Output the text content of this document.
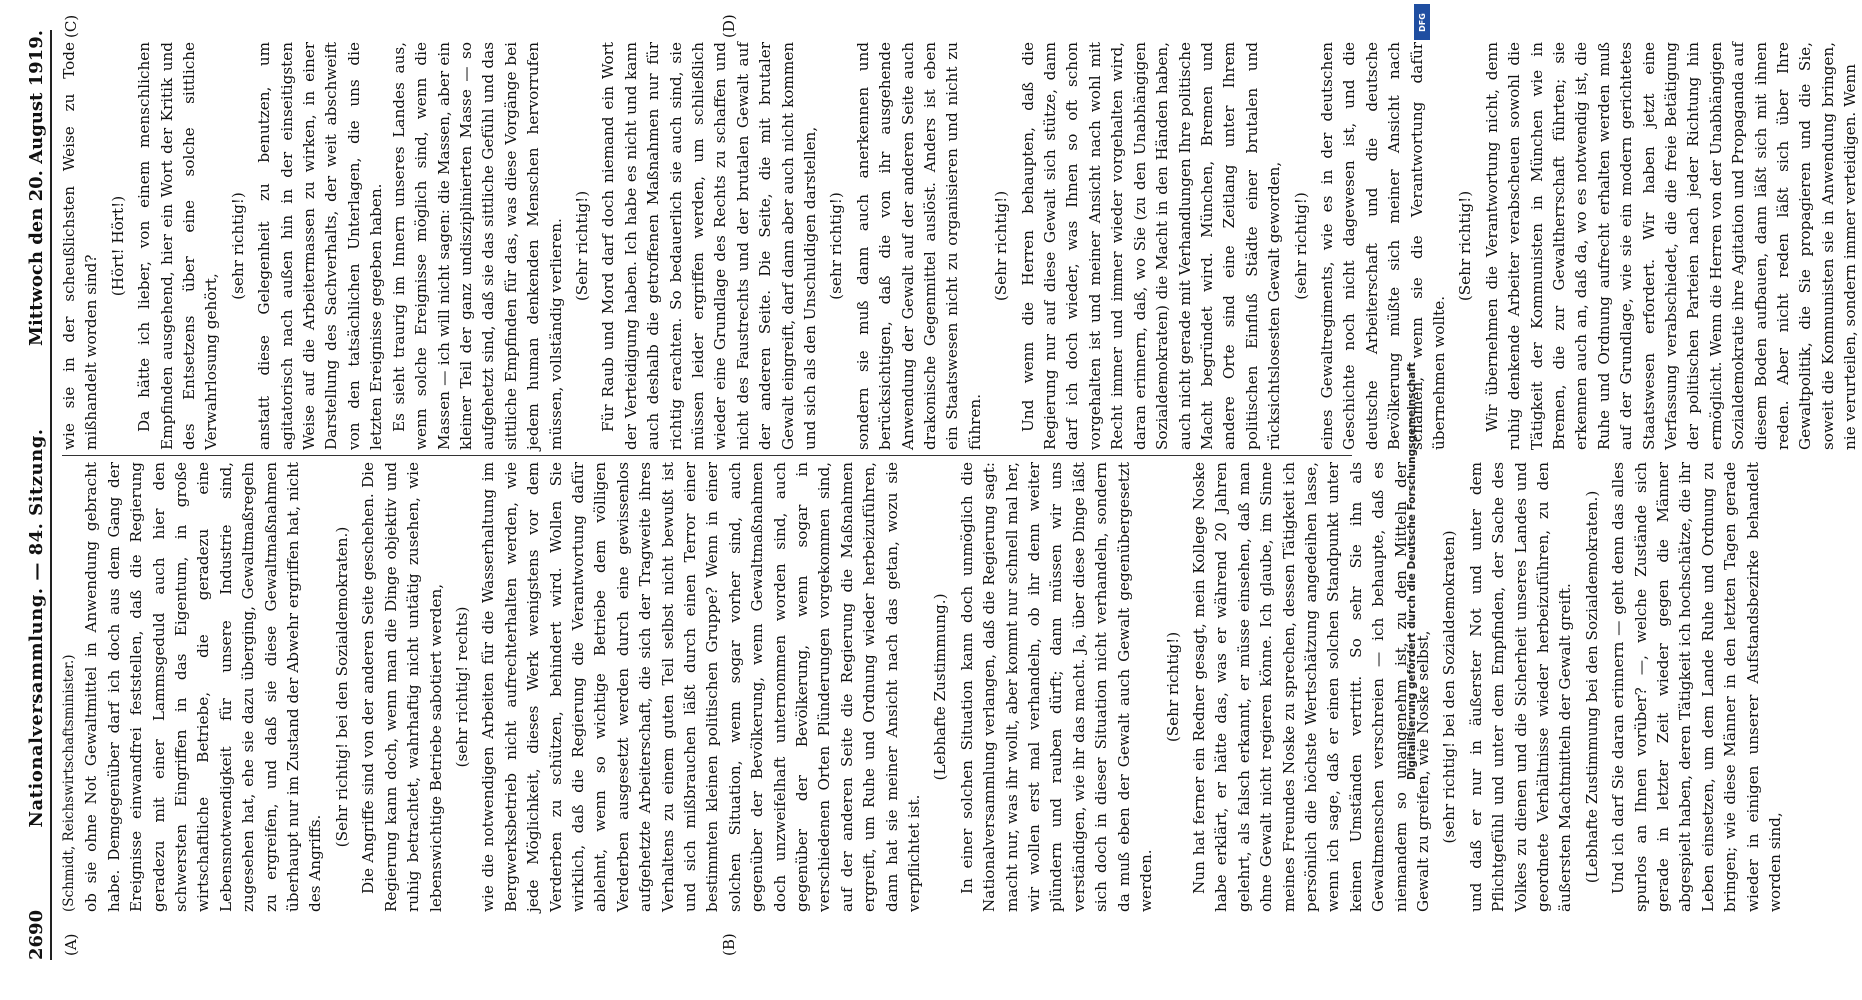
2690
Nationalversammlung. — 84. Sitzung.
Mittwoch den 20. August 1919.
(A)	(B)
(C)	(D)

(Schmidt, Reichswirtschaftsminister.) ob sie ohne Not Gewaltmittel in Anwendung gebracht habe. Demgegenüber darf ich doch aus dem Gang der Ereignisse einwandfrei feststellen, daß die Regierung geradezu mit einer Lammsgeduld auch hier den schwersten Eingriffen in das Eigentum, in große wirtschaftliche Betriebe, die geradezu eine Lebensnotwendigkeit für unsere Industrie sind, zugesehen hat, ehe sie dazu überging, Gewaltmaßregeln zu ergreifen, und daß sie diese Gewaltmaßnahmen überhaupt nur im Zustand der Abwehr ergriffen hat, nicht des Angriffs.

(Sehr richtig! bei den Sozialdemokraten.) Die Angriffe sind von der anderen Seite geschehen. Die Regierung kann doch, wenn man die Dinge objektiv und ruhig betrachtet, wahrhaftig nicht untätig zusehen, wie lebenswichtige Betriebe sabotiert werden, (sehr richtig! rechts) wie die notwendigen Arbeiten für die Wasserhaltung im Bergwerksbetrieb nicht aufrechterhalten werden, wie jede Möglichkeit, dieses Werk wenigstens vor dem Verderben zu schützen, behindert wird. Wollen Sie wirklich, daß die Regierung die Verantwortung dafür ablehnt, wenn so wichtige Betriebe dem völligen Verderben ausgesetzt werden durch eine gewissenlos aufgehetzte Arbeiterschaft, die sich der Tragweite ihres Verhaltens zu einem guten Teil selbst nicht bewußt ist und sich mißbrauchen läßt durch einen Terror einer bestimmten kleinen politischen Gruppe? Wenn in einer solchen Situation, wenn sogar vorher sind, auch gegenüber der Bevölkerung, wenn Gewaltmaßnahmen doch unzweifelhaft unternommen worden sind, auch gegenüber der Bevölkerung, wenn sogar in verschiedenen Orten Plünderungen vorgekommen sind, auf der anderen Seite die Regierung die Maßnahmen ergreift, um Ruhe und Ordnung wieder herbeizuführen, dann hat sie meiner Ansicht nach das getan, wozu sie verpflichtet ist.

(Lebhafte Zustimmung.) In einer solchen Situation kann doch unmöglich die Nationalversammlung verlangen, daß die Regierung sagt: macht nur, was ihr wollt, aber kommt nur schnell mal her, wir wollen erst mal verhandeln, ob ihr denn weiter plündern und rauben dürft; dann müssen wir uns verständigen, wie ihr das macht. Ja, über diese Dinge läßt sich doch in dieser Situation nicht verhandeln, sondern da muß eben der Gewalt auch Gewalt gegenübergesetzt werden.

(Sehr richtig!) Nun hat ferner ein Redner gesagt, mein Kollege Noske habe erklärt, er hätte das, was er während 20 Jahren gelehrt, als falsch erkannt, er müsse einsehen, daß man ohne Gewalt nicht regieren könne. Ich glaube, im Sinne meines Freundes Noske zu sprechen, dessen Tätigkeit ich persönlich die höchste Wertschätzung angedeihen lasse, wenn ich sage, daß er einen solchen Standpunkt unter keinen Umständen vertritt. So sehr Sie ihn als Gewaltmenschen verschreien — ich behaupte, daß es niemandem so unangenehm ist, zu den Mitteln der Gewalt zu greifen, wie Noske selbst, (sehr richtig! bei den Sozialdemokraten) und daß er nur in äußerster Not und unter dem Pflichtgefühl und unter dem Empfinden, der Sache des Volkes zu dienen und die Sicherheit unseres Landes und geordnete Verhältnisse wieder herbeizuführen, zu den äußersten Machtmitteln der Gewalt greift. (Lebhafte Zustimmung bei den Sozialdemokraten.) Und ich darf Sie daran erinnern — geht denn das alles spurlos an Ihnen vorüber? —, welche Zustände sich gerade in letzter Zeit wieder gegen die Männer abgespielt haben, deren Tätigkeit ich hochschätze, die ihr Leben einsetzen, um dem Lande Ruhe und Ordnung zu bringen; wie diese Männer in den letzten Tagen gerade wieder in einigen unserer Aufstandsbezirke behandelt worden sind,

wie sie in der scheußlichsten Weise zu Tode mißhandelt worden sind?

(Hört! Hört!) Da hätte ich lieber, von einem menschlichen Empfinden ausgehend, hier ein Wort der Kritik und des Entsetzens über eine solche sittliche Verwahrlosung gehört,

(sehr richtig!) anstatt diese Gelegenheit zu benutzen, um agitatorisch nach außen hin in der einseitigsten Weise auf die Arbeitermassen zu wirken, in einer Darstellung des Sachverhalts, der weit abschweift von den tatsächlichen Unterlagen, die uns die letzten Ereignisse gegeben haben. Es sieht traurig im Innern unseres Landes aus, wenn solche Ereignisse möglich sind, wenn die Massen — ich will nicht sagen: die Massen, aber ein kleiner Teil der ganz undisziplinierten Masse — so aufgehetzt sind, daß sie das sittliche Gefühl und das sittliche Empfinden für das, was diese Vorgänge bei jedem human denkenden Menschen hervorrufen müssen, vollständig verlieren. (Sehr richtig!) Für Raub und Mord darf doch niemand ein Wort der Verteidigung haben. Ich habe es nicht und kann auch deshalb die getroffenen Maßnahmen nur für richtig erachten. So bedauerlich sie auch sind, sie müssen leider ergriffen werden, um schließlich wieder eine Grundlage des Rechts zu schaffen und nicht des Faustrechts und der brutalen Gewalt auf der anderen Seite. Die Seite, die mit brutaler Gewalt eingreift, darf dann aber auch nicht kommen und sich als den Unschuldigen darstellen, (sehr richtig!) sondern sie muß dann auch anerkennen und berücksichtigen, daß die von ihr ausgehende Anwendung der Gewalt auf der anderen Seite auch drakonische Gegenmittel auslöst. Anders ist eben ein Staatswesen nicht zu organisieren und nicht zu führen.

(Sehr richtig!) Und wenn die Herren behaupten, daß die Regierung nur auf diese Gewalt sich stütze, dann darf ich doch wieder, was Ihnen so oft schon vorgehalten ist und meiner Ansicht nach wohl mit Recht immer und immer wieder vorgehalten wird, daran erinnern, daß, wo Sie (zu den Unabhängigen Sozialdemokraten) die Macht in den Händen haben, auch nicht gerade mit Verhandlungen Ihre politische Macht begründet wird. München, Bremen und andere Orte sind eine Zeitlang unter Ihrem politischen Einfluß Städte einer brutalen und rücksichtslosesten Gewalt geworden, (sehr richtig!) eines Gewaltregiments, wie es in der deutschen Geschichte noch nicht dagewesen ist, und die deutsche Arbeiterschaft und die deutsche Bevölkerung müßte sich meiner Ansicht nach schämen, wenn sie die Verantwortung dafür übernehmen wollte.

(Sehr richtig!) Wir übernehmen die Verantwortung nicht, denn ruhig denkende Arbeiter verabscheuen sowohl die Tätigkeit der Kommunisten in München wie in Bremen, die zur Gewaltherrschaft führten; sie erkennen auch an, daß da, wo es notwendig ist, die Ruhe und Ordnung aufrecht erhalten werden muß auf der Grundlage, wie sie ein modern gerichtetes Staatswesen erfordert. Wir haben jetzt eine Verfassung verabschiedet, die die freie Betätigung der politischen Parteien nach jeder Richtung hin ermöglicht. Wenn die Herren von der Unabhängigen Sozialdemokratie ihre Agitation und Propaganda auf diesem Boden aufbauen, dann läßt sich mit ihnen reden. Aber nicht reden läßt sich über Ihre Gewaltpolitik, die Sie propagieren und die Sie, soweit die Kommunisten sie in Anwendung bringen, nie verurteilen, sondern immer verteidigen. Wenn

Digitalisierung gefördert durch die Deutsche Forschungsgemeinschaft
DFG
